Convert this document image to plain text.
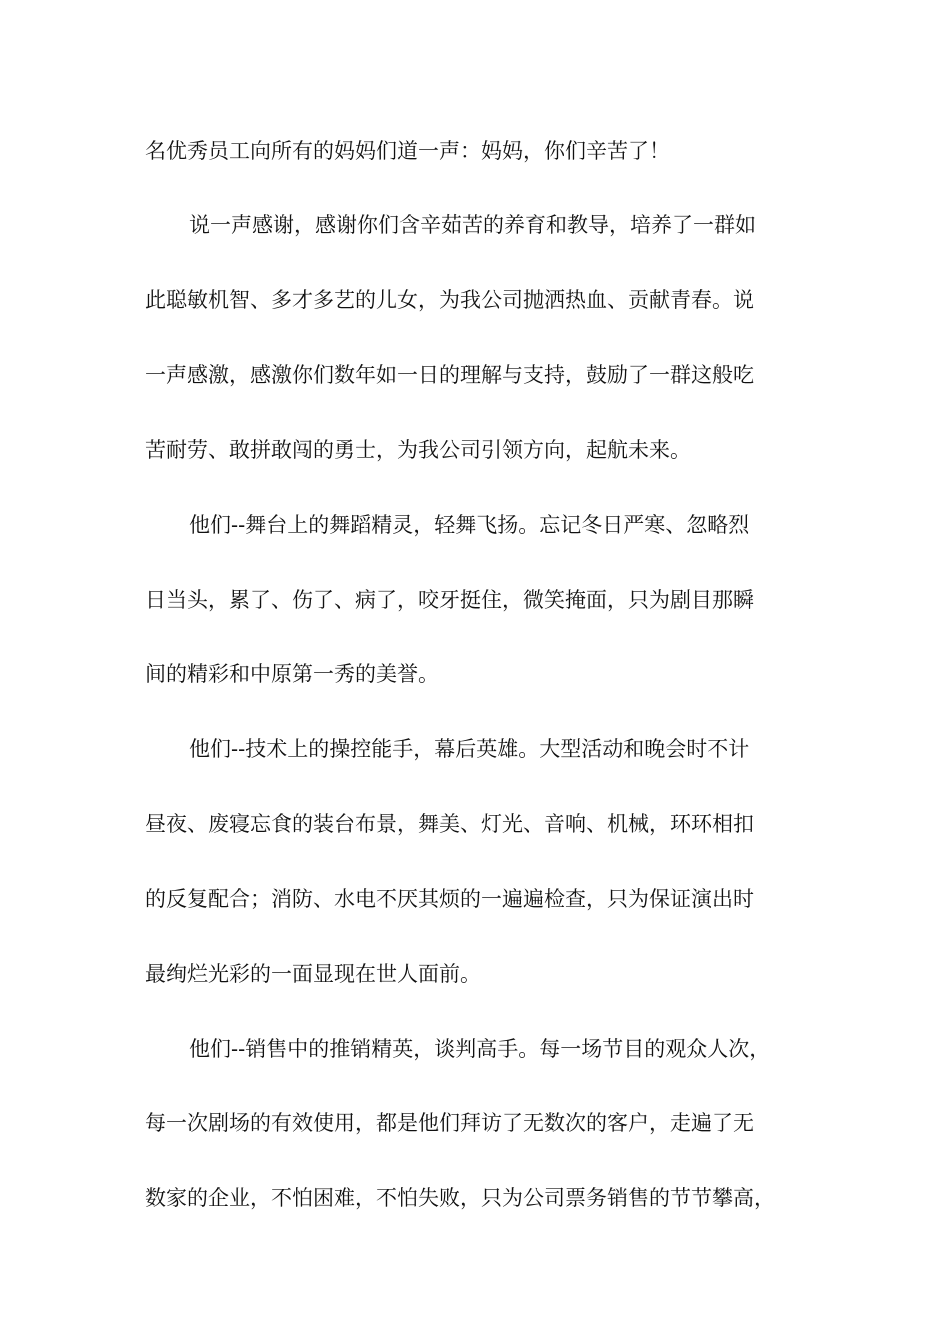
名优秀员工向所有的妈妈们道一声：妈妈，你们辛苦了！

说一声感谢，感谢你们含辛茹苦的养育和教导，培养了一群如

此聪敏机智、多才多艺的儿女，为我公司抛洒热血、贡献青春。说

一声感激，感激你们数年如一日的理解与支持，鼓励了一群这般吃

苦耐劳、敢拼敢闯的勇士，为我公司引领方向，起航未来。

他们--舞台上的舞蹈精灵，轻舞飞扬。忘记冬日严寒、忽略烈

日当头，累了、伤了、病了，咬牙挺住，微笑掩面，只为剧目那瞬

间的精彩和中原第一秀的美誉。

他们--技术上的操控能手，幕后英雄。大型活动和晚会时不计

昼夜、废寝忘食的装台布景，舞美、灯光、音响、机械，环环相扣

的反复配合；消防、水电不厌其烦的一遍遍检查，只为保证演出时

最绚烂光彩的一面显现在世人面前。

他们--销售中的推销精英，谈判高手。每一场节目的观众人次，

每一次剧场的有效使用，都是他们拜访了无数次的客户，走遍了无

数家的企业，不怕困难，不怕失败，只为公司票务销售的节节攀高，
